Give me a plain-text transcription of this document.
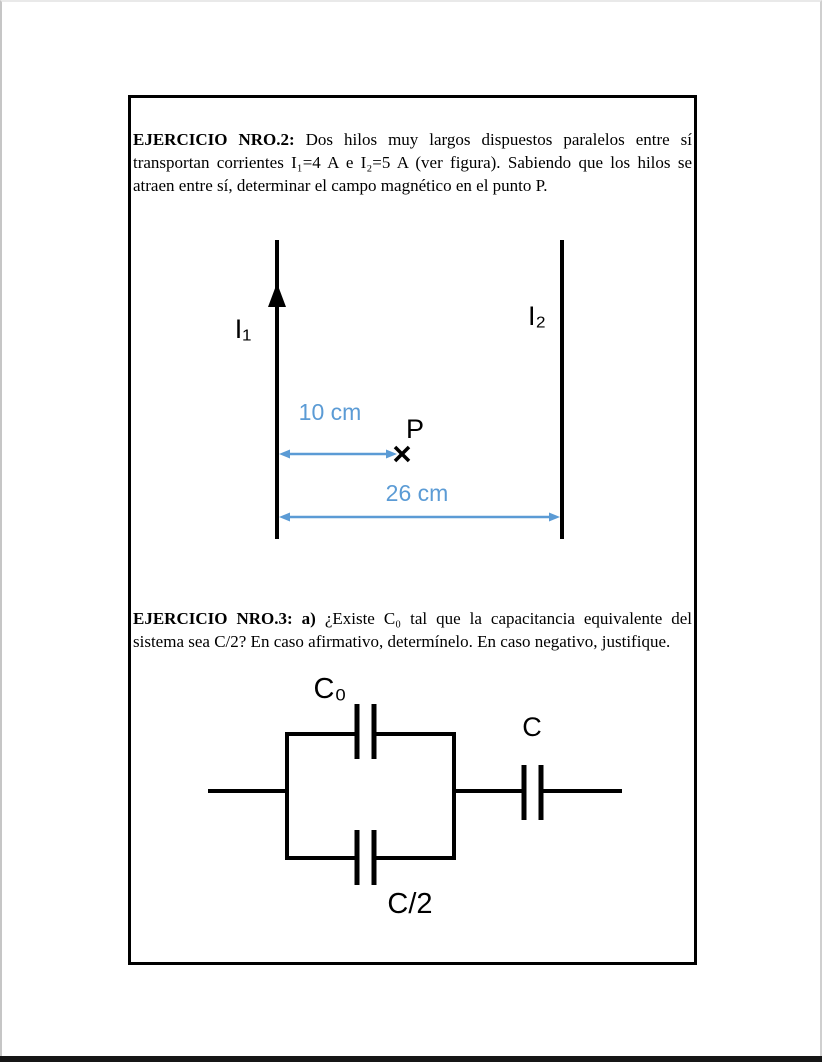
EJERCICIO NRO.2: Dos hilos muy largos dispuestos paralelos entre sí
transportan corrientes I₁=4 A e I₂=5 A (ver figura). Sabiendo que los hilos se
atraen entre sí, determinar el campo magnético en el punto P.
I₁	I₂
10 cm
P
26 cm
EJERCICIO NRO.3: a) ¿Existe C₀ tal que la capacitancia equivalente del
sistema sea C/2? En caso afirmativo, determínelo. En caso negativo, justifique.
C₀
C
C/2
